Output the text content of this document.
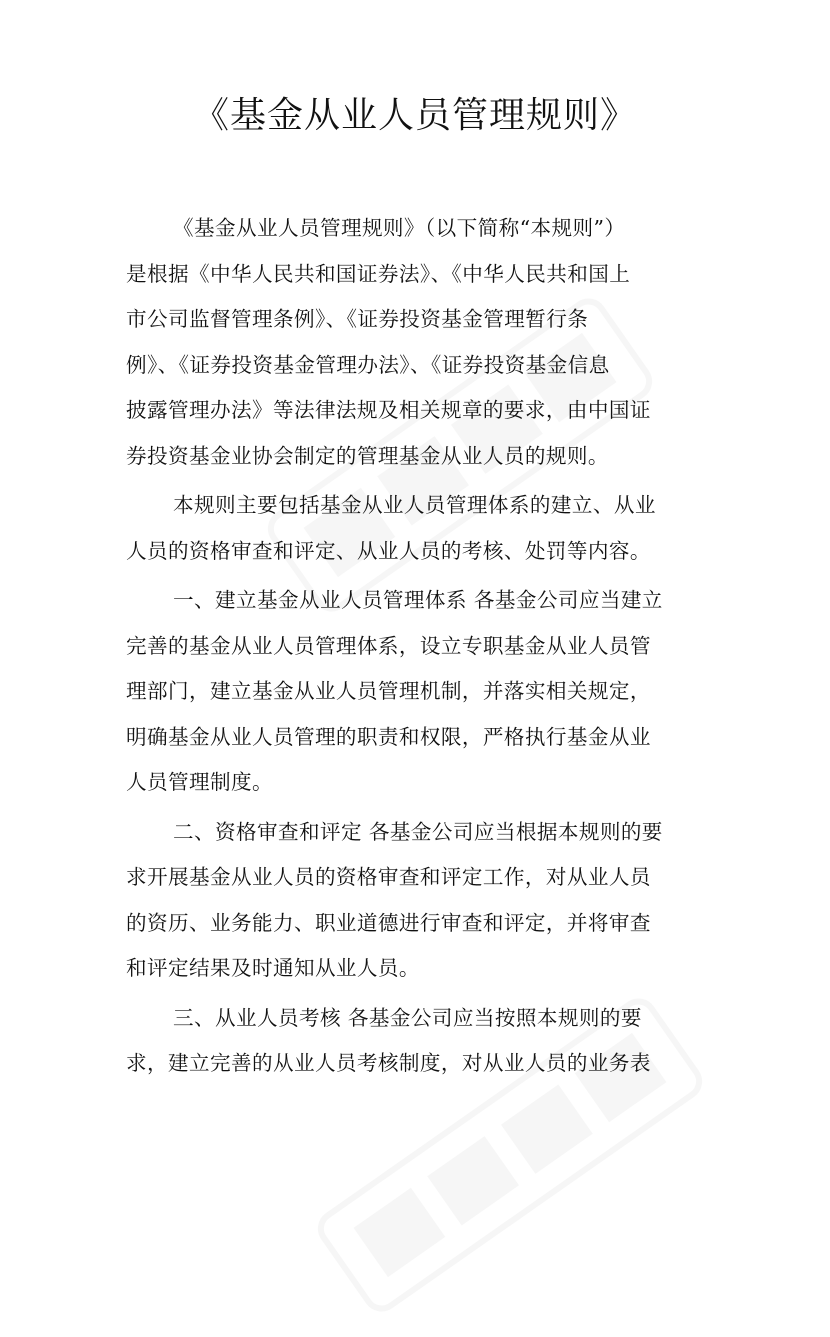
《基金从业人员管理规则》
《基金从业人员管理规则》（以下简称“本规则”）
是根据《中华人民共和国证券法》、《中华人民共和国上
市公司监督管理条例》、《证券投资基金管理暂行条
例》、《证券投资基金管理办法》、《证券投资基金信息
披露管理办法》等法律法规及相关规章的要求，由中国证
券投资基金业协会制定的管理基金从业人员的规则。
本规则主要包括基金从业人员管理体系的建立、从业
人员的资格审查和评定、从业人员的考核、处罚等内容。
一、建立基金从业人员管理体系 各基金公司应当建立
完善的基金从业人员管理体系，设立专职基金从业人员管
理部门，建立基金从业人员管理机制，并落实相关规定，
明确基金从业人员管理的职责和权限，严格执行基金从业
人员管理制度。
二、资格审查和评定 各基金公司应当根据本规则的要
求开展基金从业人员的资格审查和评定工作，对从业人员
的资历、业务能力、职业道德进行审查和评定，并将审查
和评定结果及时通知从业人员。
三、从业人员考核 各基金公司应当按照本规则的要
求，建立完善的从业人员考核制度，对从业人员的业务表
